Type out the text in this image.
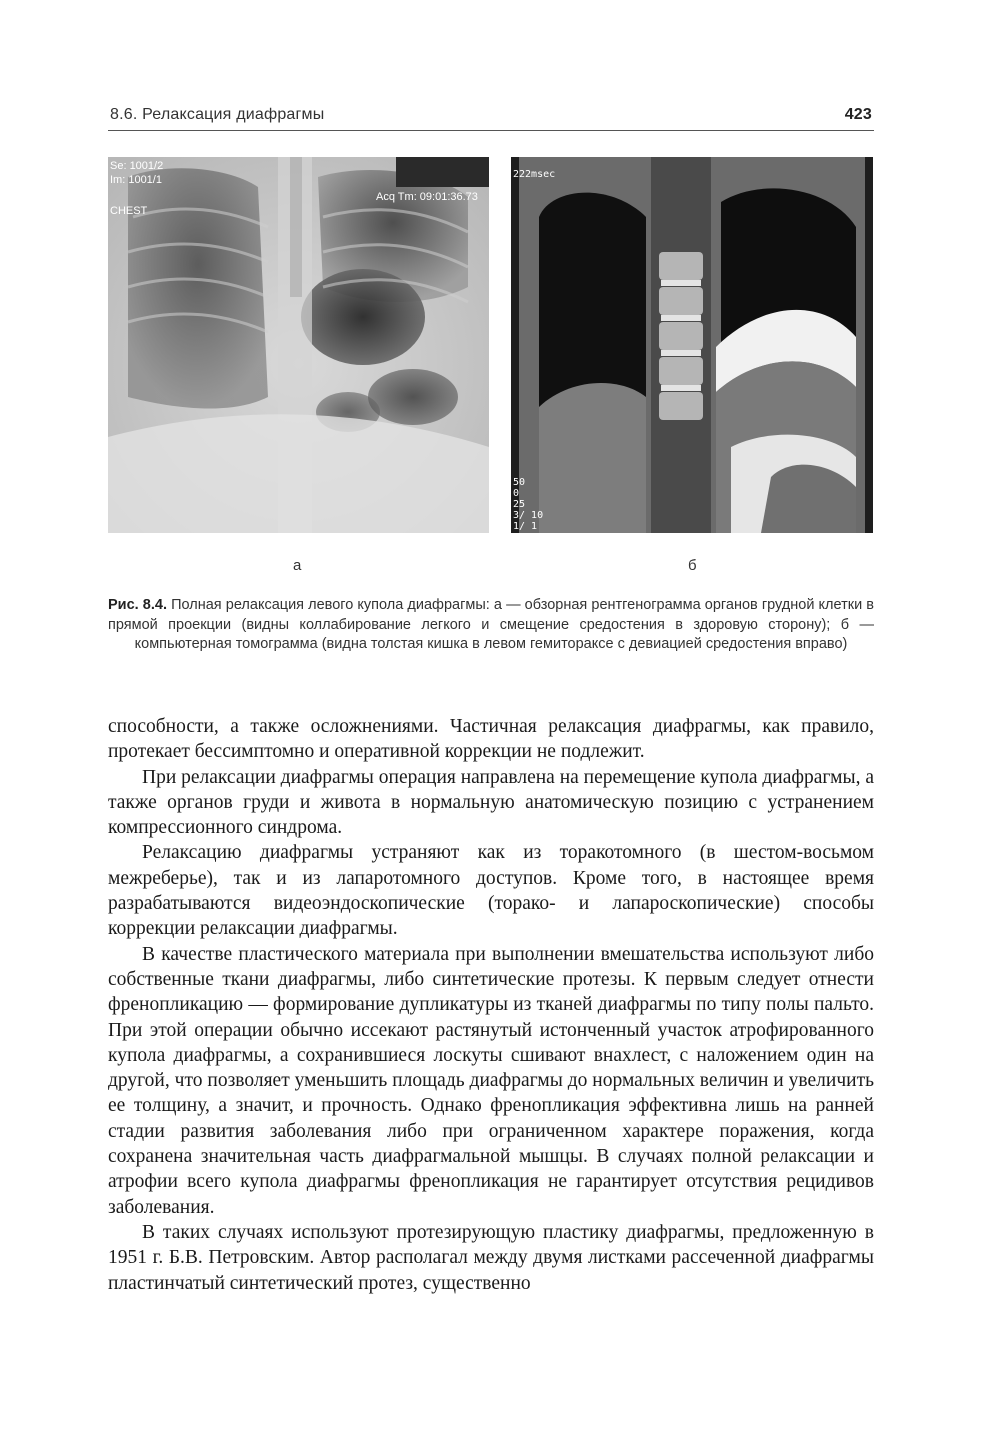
8.6. Релаксация диафрагмы	423
Se: 1001/2
Im: 1001/1
CHEST
Acq Tm: 09:01:36.73
222msec
50
0
25
3/ 10
1/ 1
а	б
Рис. 8.4. Полная релаксация левого купола диафрагмы: а — обзорная рентгенограмма органов грудной клетки в прямой проекции (видны коллабирование легкого и смещение средостения в здоровую сторону); б — компьютерная томограмма (видна толстая кишка в левом гемитораксе с девиацией средостения вправо)

способности, а также осложнениями. Частичная релаксация диафрагмы, как правило, протекает бессимптомно и оперативной коррекции не подлежит.

При релаксации диафрагмы операция направлена на перемещение купола диафрагмы, а также органов груди и живота в нормальную анатомическую позицию с устранением компрессионного синдрома.

Релаксацию диафрагмы устраняют как из торакотомного (в шестом-восьмом межреберье), так и из лапаротомного доступов. Кроме того, в настоящее время разрабатываются видеоэндоскопические (торако- и лапароскопические) способы коррекции релаксации диафрагмы.

В качестве пластического материала при выполнении вмешательства используют либо собственные ткани диафрагмы, либо синтетические протезы. К первым следует отнести френопликацию — формирование дупликатуры из тканей диафрагмы по типу полы пальто. При этой операции обычно иссекают растянутый истонченный участок атрофированного купола диафрагмы, а сохранившиеся лоскуты сшивают внахлест, с наложением один на другой, что позволяет уменьшить площадь диафрагмы до нормальных величин и увеличить ее толщину, а значит, и прочность. Однако френопликация эффективна лишь на ранней стадии развития заболевания либо при ограниченном характере поражения, когда сохранена значительная часть диафрагмальной мышцы. В случаях полной релаксации и атрофии всего купола диафрагмы френопликация не гарантирует отсутствия рецидивов заболевания.

В таких случаях используют протезирующую пластику диафрагмы, предложенную в 1951 г. Б.В. Петровским. Автор располагал между двумя листками рассеченной диафрагмы пластинчатый синтетический протез, существенно
